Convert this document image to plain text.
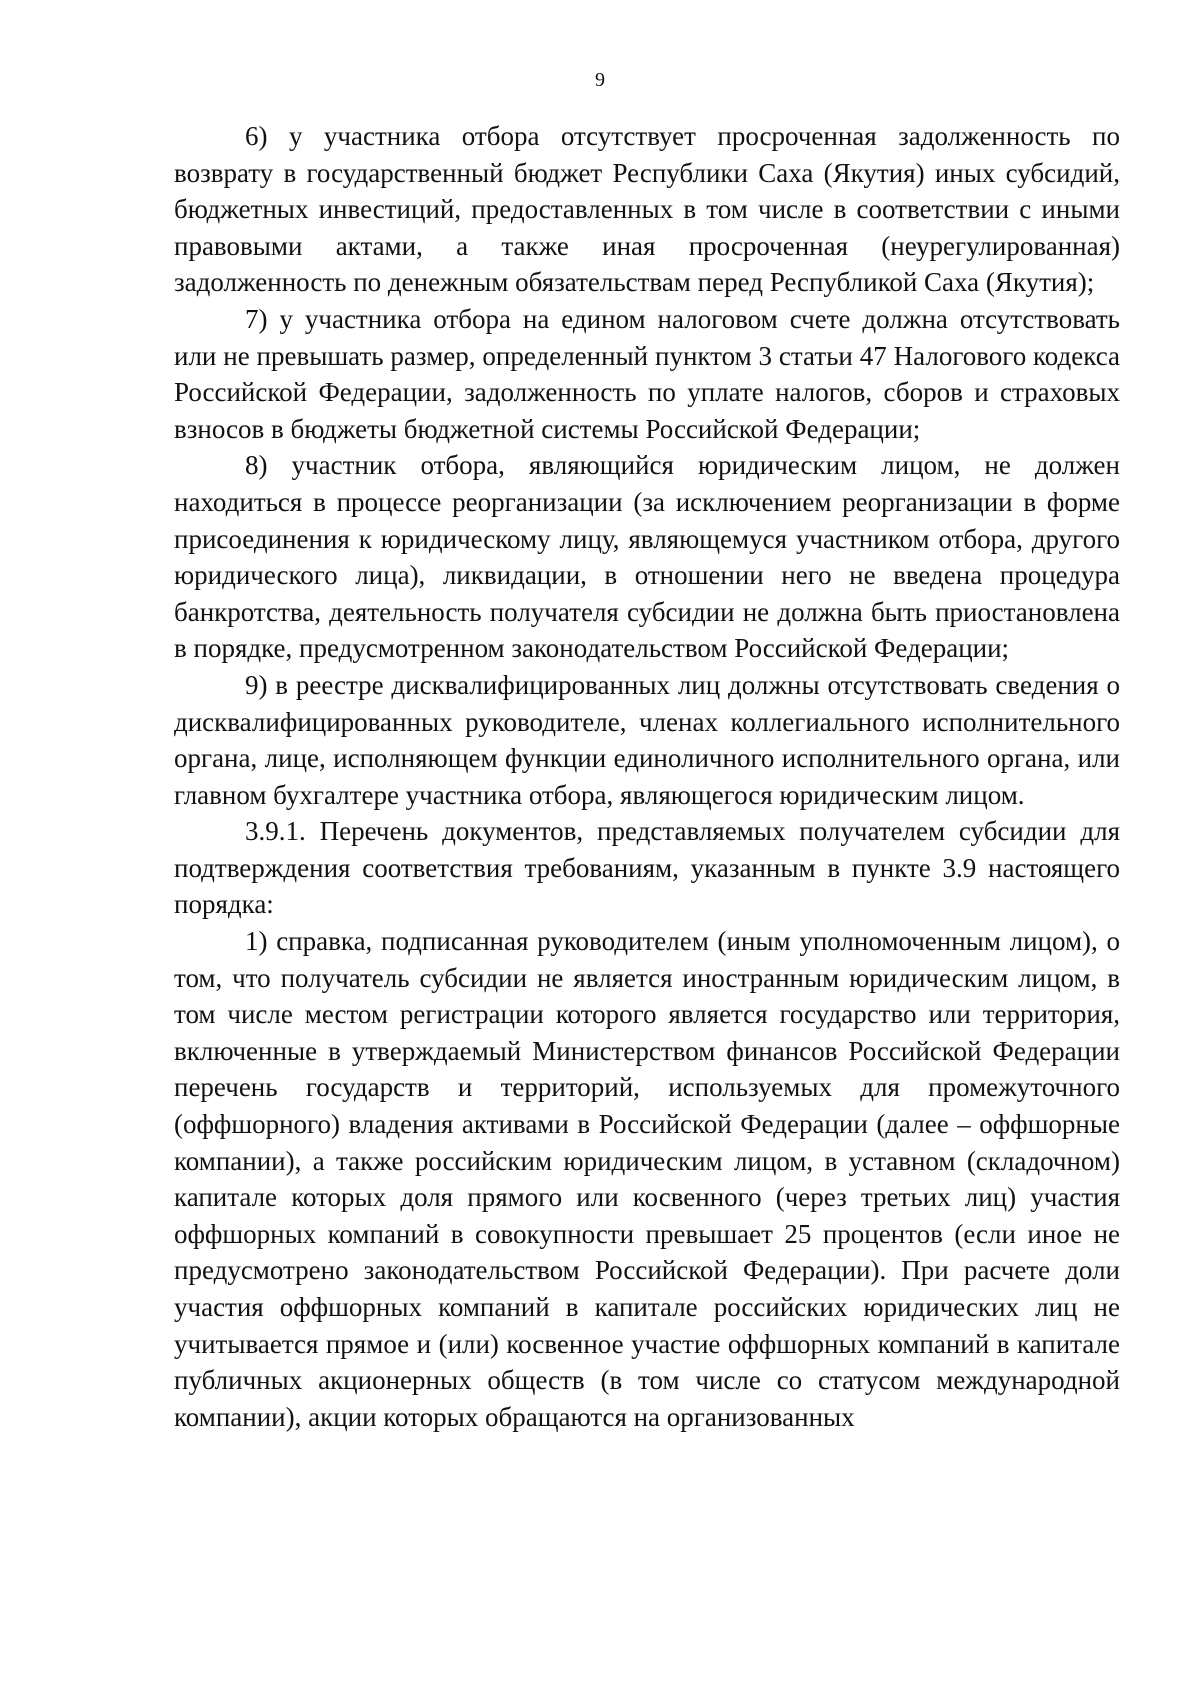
9

6) у участника отбора отсутствует просроченная задолженность по возврату в государственный бюджет Республики Саха (Якутия) иных субсидий, бюджетных инвестиций, предоставленных в том числе в соответствии с иными правовыми актами, а также иная просроченная (неурегулированная) задолженность по денежным обязательствам перед Республикой Саха (Якутия);

7) у участника отбора на едином налоговом счете должна отсутствовать или не превышать размер, определенный пунктом 3 статьи 47 Налогового кодекса Российской Федерации, задолженность по уплате налогов, сборов и страховых взносов в бюджеты бюджетной системы Российской Федерации;

8) участник отбора, являющийся юридическим лицом, не должен находиться в процессе реорганизации (за исключением реорганизации в форме присоединения к юридическому лицу, являющемуся участником отбора, другого юридического лица), ликвидации, в отношении него не введена процедура банкротства, деятельность получателя субсидии не должна быть приостановлена в порядке, предусмотренном законодательством Российской Федерации;

9) в реестре дисквалифицированных лиц должны отсутствовать сведения о дисквалифицированных руководителе, членах коллегиального исполнительного органа, лице, исполняющем функции единоличного исполнительного органа, или главном бухгалтере участника отбора, являющегося юридическим лицом.

3.9.1. Перечень документов, представляемых получателем субсидии для подтверждения соответствия требованиям, указанным в пункте 3.9 настоящего порядка:

1) справка, подписанная руководителем (иным уполномоченным лицом), о том, что получатель субсидии не является иностранным юридическим лицом, в том числе местом регистрации которого является государство или территория, включенные в утверждаемый Министерством финансов Российской Федерации перечень государств и территорий, используемых для промежуточного (оффшорного) владения активами в Российской Федерации (далее – оффшорные компании), а также российским юридическим лицом, в уставном (складочном) капитале которых доля прямого или косвенного (через третьих лиц) участия оффшорных компаний в совокупности превышает 25 процентов (если иное не предусмотрено законодательством Российской Федерации). При расчете доли участия оффшорных компаний в капитале российских юридических лиц не учитывается прямое и (или) косвенное участие оффшорных компаний в капитале публичных акционерных обществ (в том числе со статусом международной компании), акции которых обращаются на организованных
